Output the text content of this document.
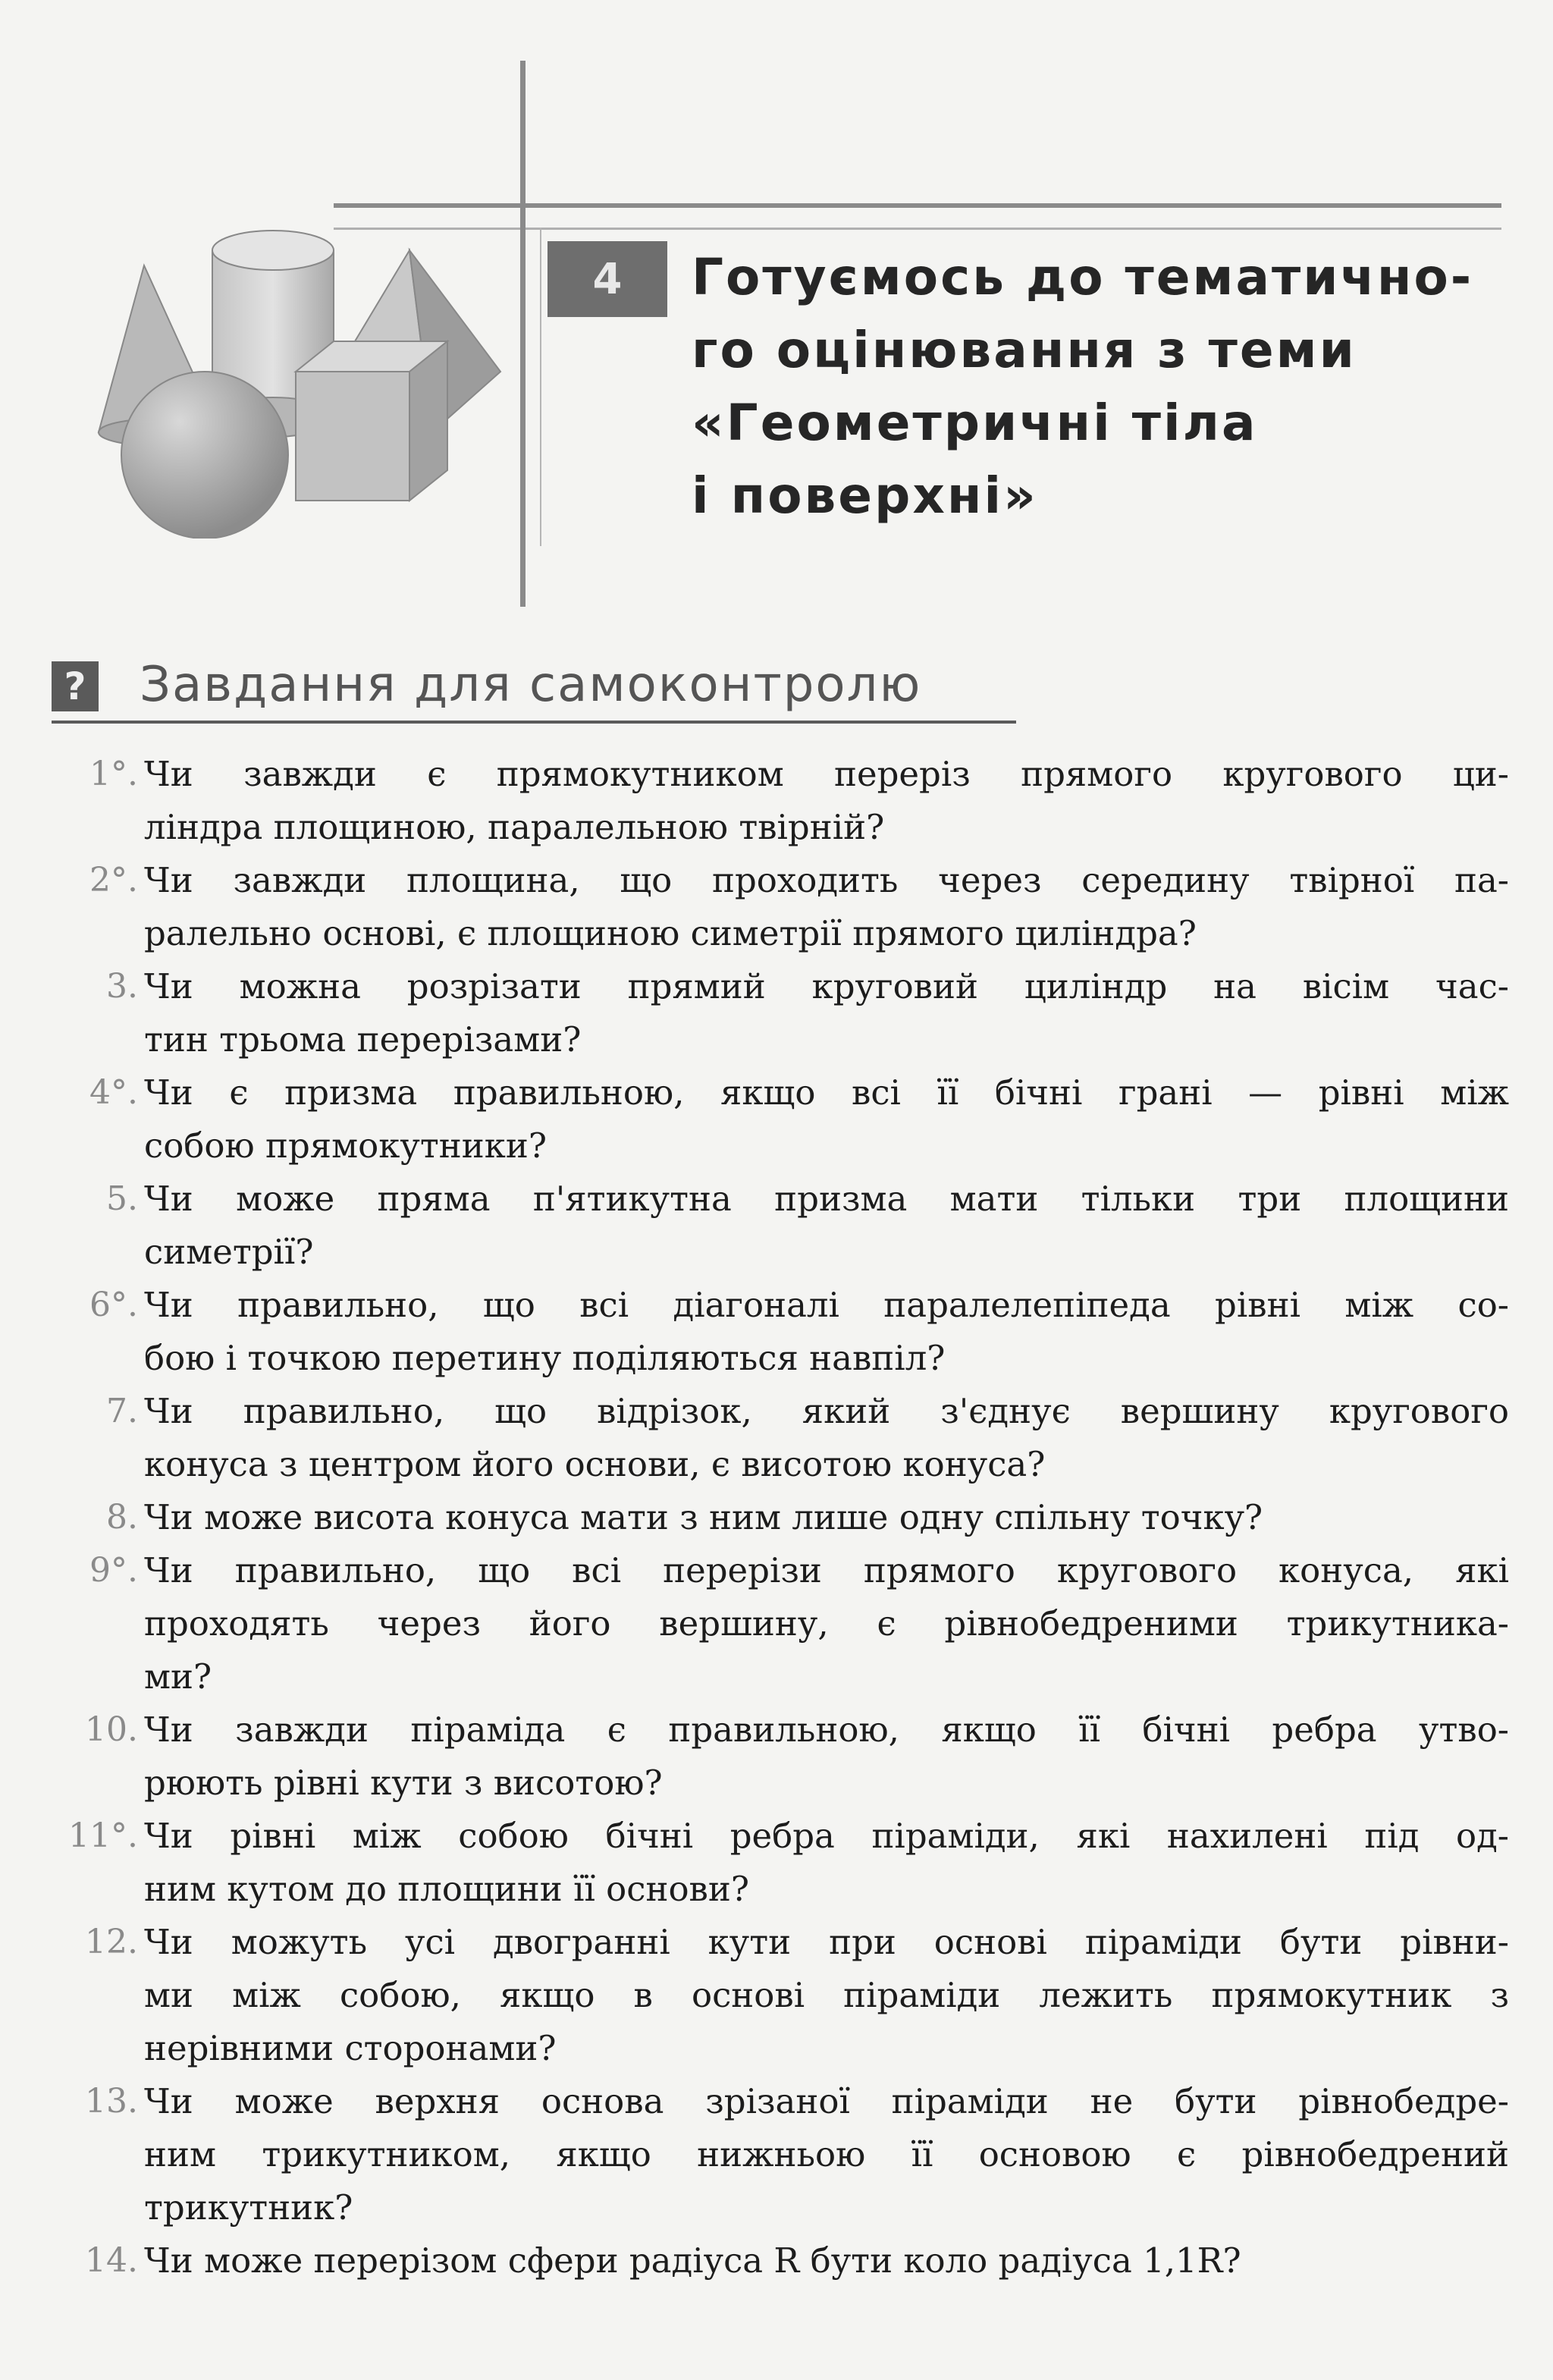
4 Готуємось до тематично-
го оцінювання з теми
«Геометричні тіла
і поверхні»
? Завдання для самоконтролю
1°. Чи завжди є прямокутником переріз прямого кругового ци-
ліндра площиною, паралельною твірній?
2°. Чи завжди площина, що проходить через середину твірної па-
ралельно основі, є площиною симетрії прямого циліндра?
3. Чи можна розрізати прямий круговий циліндр на вісім час-
тин трьома перерізами?
4°. Чи є призма правильною, якщо всі її бічні грані — рівні між
собою прямокутники?
5. Чи може пряма п'ятикутна призма мати тільки три площини
симетрії?
6°. Чи правильно, що всі діагоналі паралелепіпеда рівні між со-
бою і точкою перетину поділяються навпіл?
7. Чи правильно, що відрізок, який з'єднує вершину кругового
конуса з центром його основи, є висотою конуса?
8. Чи може висота конуса мати з ним лише одну спільну точку?
9°. Чи правильно, що всі перерізи прямого кругового конуса, які
проходять через його вершину, є рівнобедреними трикутника-
ми?
10. Чи завжди піраміда є правильною, якщо її бічні ребра утво-
рюють рівні кути з висотою?
11°. Чи рівні між собою бічні ребра піраміди, які нахилені під од-
ним кутом до площини її основи?
12. Чи можуть усі двогранні кути при основі піраміди бути рівни-
ми між собою, якщо в основі піраміди лежить прямокутник з
нерівними сторонами?
13. Чи може верхня основа зрізаної піраміди не бути рівнобедре-
ним трикутником, якщо нижньою її основою є рівнобедрений
трикутник?
14. Чи може перерізом сфери радіуса R бути коло радіуса 1,1R?
